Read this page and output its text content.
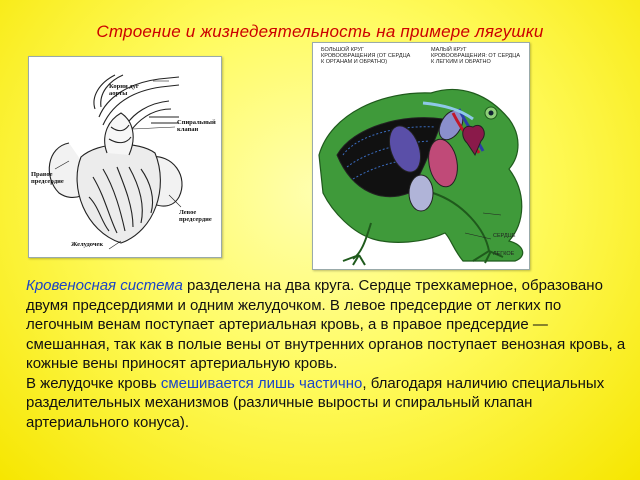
Строение и жизнедеятельность на примере лягушки
Корни дуг аорты
Спиральный клапан
Правое предсердие
Левое предсердие
Желудочек
БОЛЬШОЙ КРУГ КРОВООБРАЩЕНИЯ (ОТ СЕРДЦА К ОРГАНАМ И ОБРАТНО)
МАЛЫЙ КРУГ КРОВООБРАЩЕНИЯ: ОТ СЕРДЦА К ЛЕГКИМ И ОБРАТНО
СЕРДЦЕ
ЛЕГКОЕ

Кровеносная система разделена на два круга. Сердце трехкамерное, образовано двумя предсердиями и одним желудочком. В левое предсердие от легких по легочным венам поступает артериальная кровь, а в правое предсердие — смешанная, так как в полые вены от внутренних органов поступает венозная кровь, а кожные вены приносят артериальную кровь.

В желудочке кровь смешивается лишь частично, благодаря наличию специальных разделительных механизмов (различные выросты и спиральный клапан артериального конуса).
